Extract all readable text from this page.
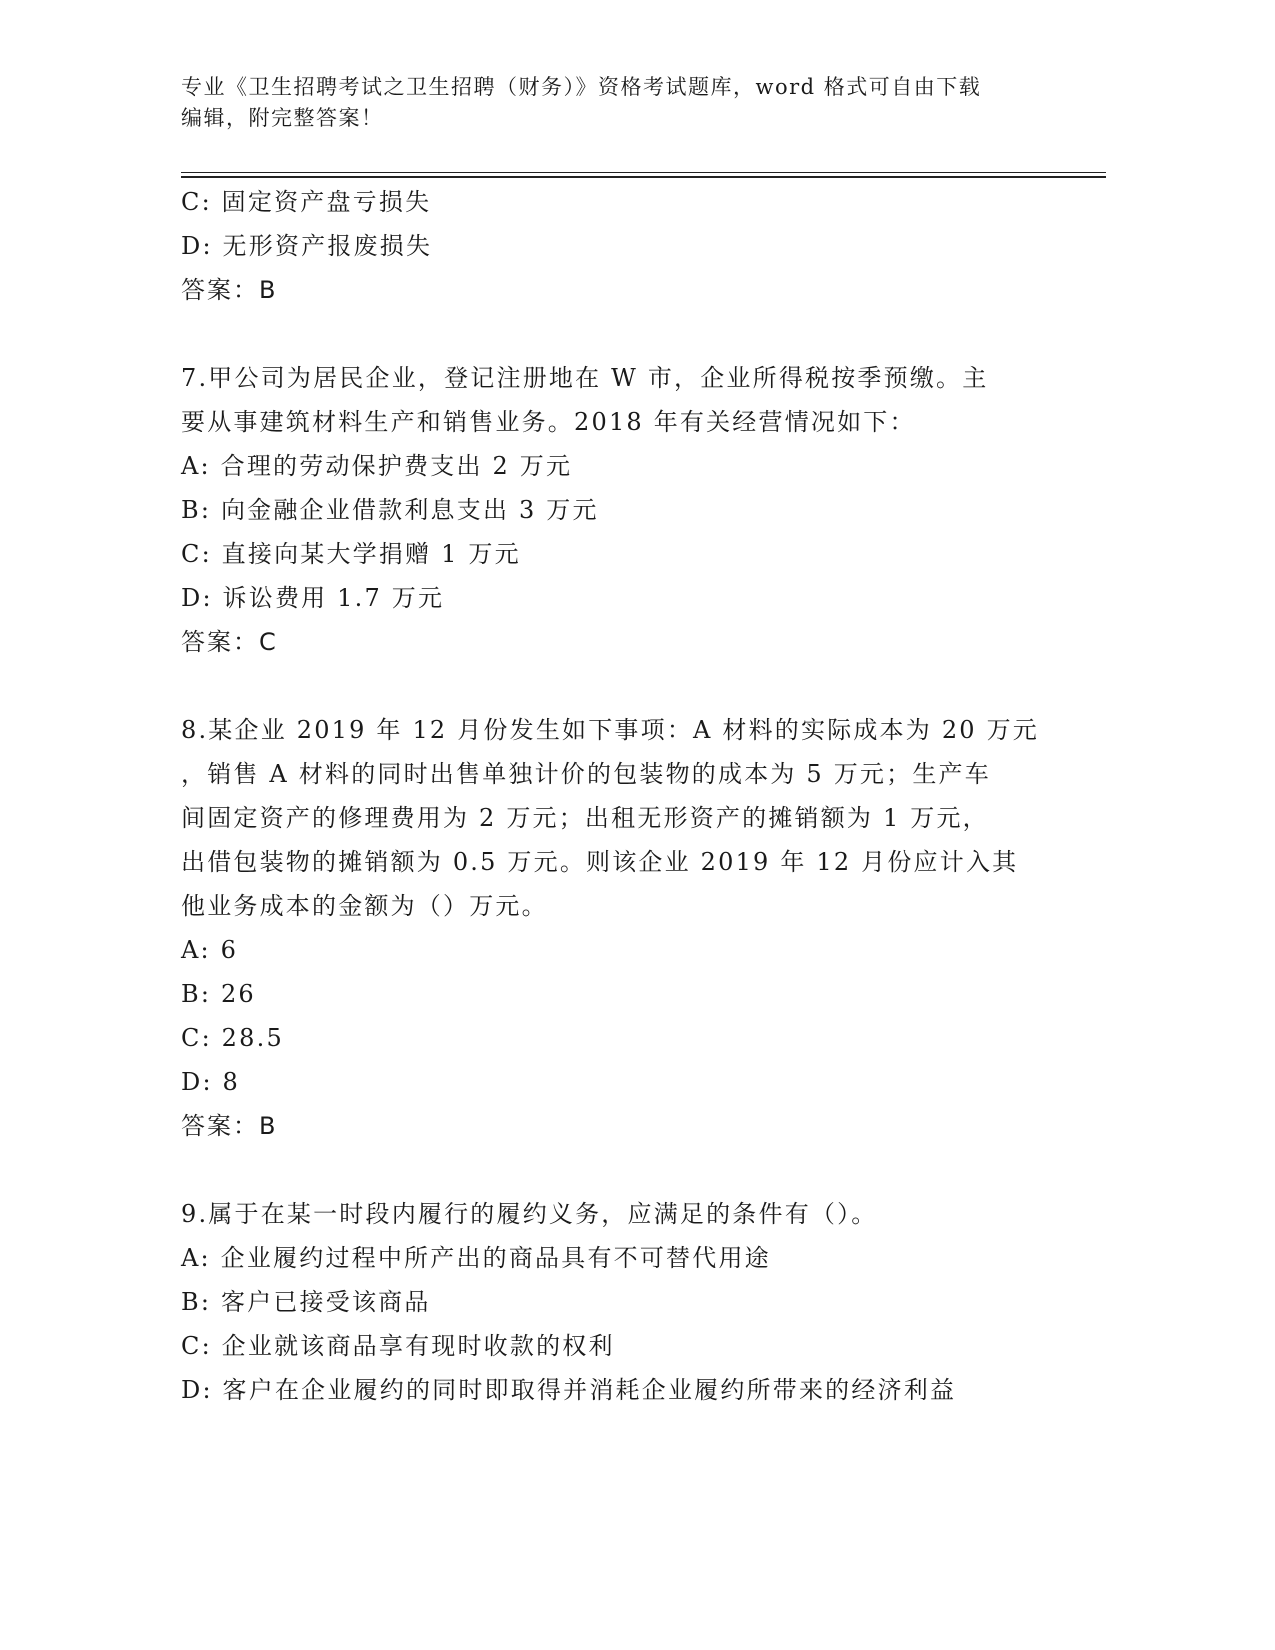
专业《卫生招聘考试之卫生招聘（财务）》资格考试题库，word 格式可自由下载
编辑，附完整答案！
C: 固定资产盘亏损失
D: 无形资产报废损失
答案：B
7.甲公司为居民企业，登记注册地在 W 市，企业所得税按季预缴。主
要从事建筑材料生产和销售业务。2018 年有关经营情况如下：
A: 合理的劳动保护费支出 2 万元
B: 向金融企业借款利息支出 3 万元
C: 直接向某大学捐赠 1 万元
D: 诉讼费用 1.7 万元
答案：C
8.某企业 2019 年 12 月份发生如下事项：A 材料的实际成本为 20 万元
，销售 A 材料的同时出售单独计价的包装物的成本为 5 万元；生产车
间固定资产的修理费用为 2 万元；出租无形资产的摊销额为 1 万元，
出借包装物的摊销额为 0.5 万元。则该企业 2019 年 12 月份应计入其
他业务成本的金额为（）万元。
A: 6
B: 26
C: 28.5
D: 8
答案：B
9.属于在某一时段内履行的履约义务，应满足的条件有（）。
A: 企业履约过程中所产出的商品具有不可替代用途
B: 客户已接受该商品
C: 企业就该商品享有现时收款的权利
D: 客户在企业履约的同时即取得并消耗企业履约所带来的经济利益
